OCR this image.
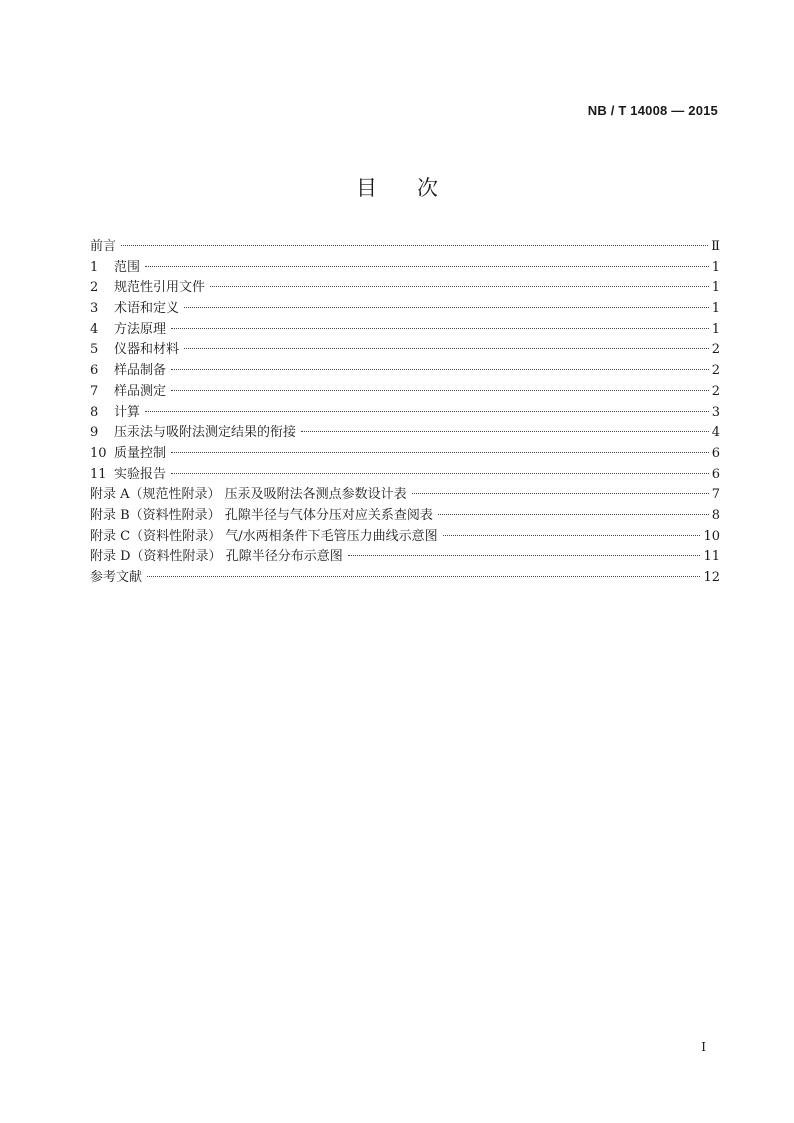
NB / T 14008 — 2015
目 次
前言	Ⅱ
1	范围	1
2	规范性引用文件	1
3	术语和定义	1
4	方法原理	1
5	仪器和材料	2
6	样品制备	2
7	样品测定	2
8	计算	3
9	压汞法与吸附法测定结果的衔接	4
10 质量控制	6
11 实验报告	6
附录 A（规范性附录） 压汞及吸附法各测点参数设计表	7
附录 B（资料性附录） 孔隙半径与气体分压对应关系查阅表	8
附录 C（资料性附录） 气/水两相条件下毛管压力曲线示意图	10
附录 D（资料性附录） 孔隙半径分布示意图	11
参考文献	12
I
